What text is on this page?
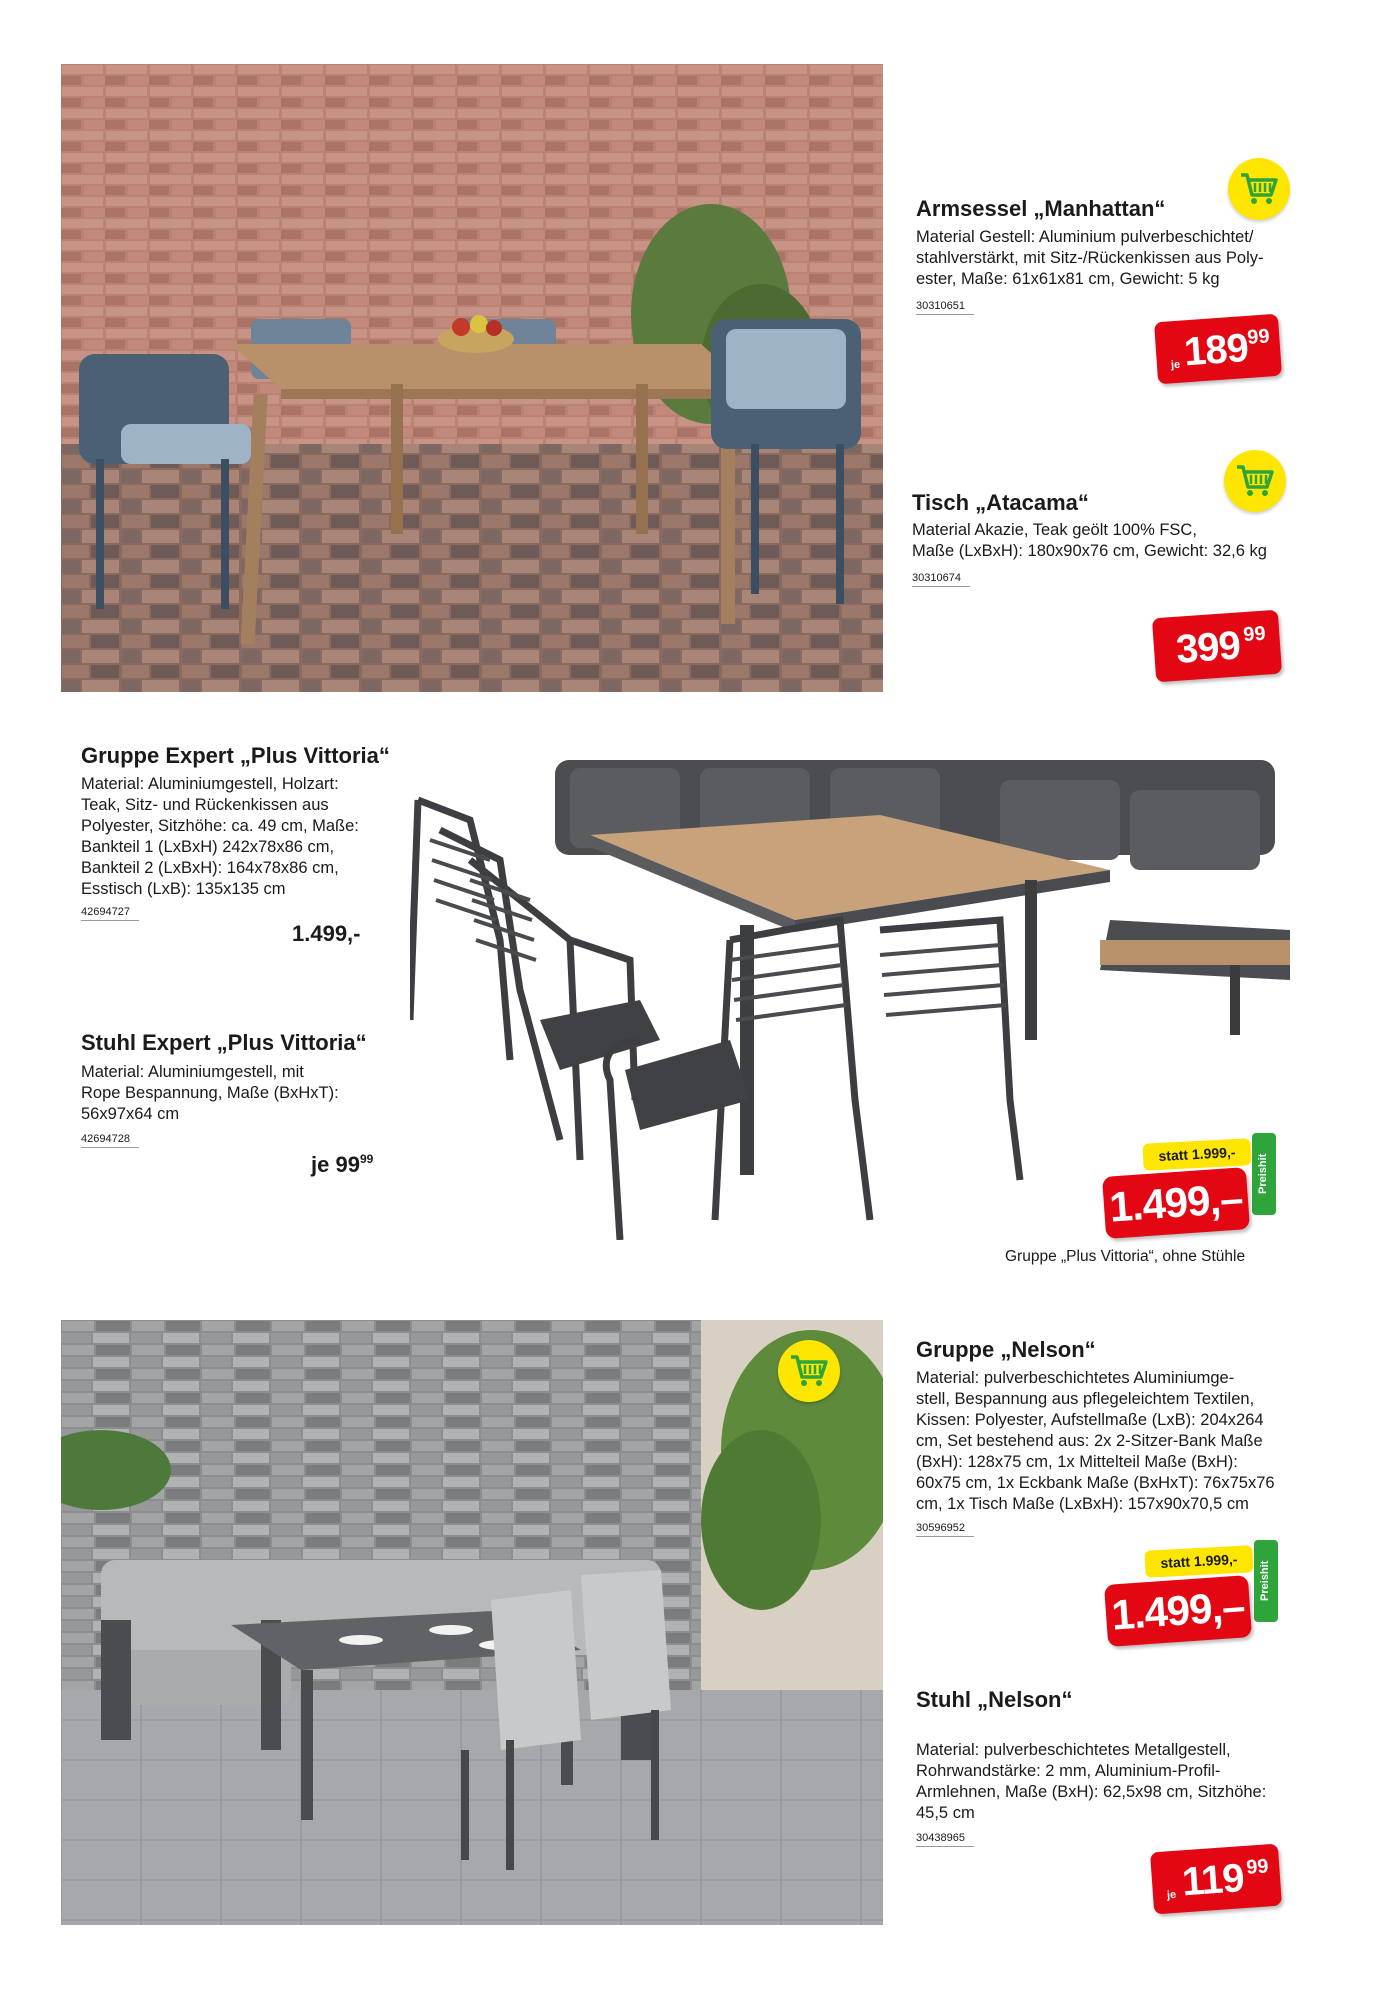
Armsessel „Manhattan“
Material Gestell: Aluminium pulverbeschichtet/
stahlverstärkt, mit Sitz-/Rückenkissen aus Poly-
ester, Maße: 61x61x81 cm, Gewicht: 5 kg
30310651
je 189
99
Tisch „Atacama“
Material Akazie, Teak geölt 100% FSC,
Maße (LxBxH): 180x90x76 cm, Gewicht: 32,6 kg
30310674
399 99
Gruppe Expert „Plus Vittoria“
Material: Aluminiumgestell, Holzart:
Teak, Sitz- und Rückenkissen aus
Polyester, Sitzhöhe: ca. 49 cm, Maße:
Bankteil 1 (LxBxH) 242x78x86 cm,
Bankteil 2 (LxBxH): 164x78x86 cm,
Esstisch (LxB): 135x135 cm
42694727
1.499,-
Stuhl Expert „Plus Vittoria“
Material: Aluminiumgestell, mit
Rope Bespannung, Maße (BxHxT):
56x97x64 cm
42694728
je $99^{99}$	statt 1.999,-	Preishit
1.499,–
Gruppe „Plus Vittoria“, ohne Stühle
Gruppe „Nelson“
Material: pulverbeschichtetes Aluminiumge-
stell, Bespannung aus pflegeleichtem Textilen,
Kissen: Polyester, Aufstellmaße (LxB): 204x264
cm, Set bestehend aus: 2x 2-Sitzer-Bank Maße
(BxH): 128x75 cm, 1x Mittelteil Maße (BxH):
60x75 cm, 1x Eckbank Maße (BxHxT): 76x75x76
cm, 1x Tisch Maße (LxBxH): 157x90x70,5 cm
30596952
statt 1.999,-	Preishit
1.499,–
Stuhl „Nelson“
Material: pulverbeschichtetes Metallgestell,
Rohrwandstärke: 2 mm, Aluminium-Profil-
Armlehnen, Maße (BxH): 62,5x98 cm, Sitzhöhe:
45,5 cm
30438965
je 119 99
